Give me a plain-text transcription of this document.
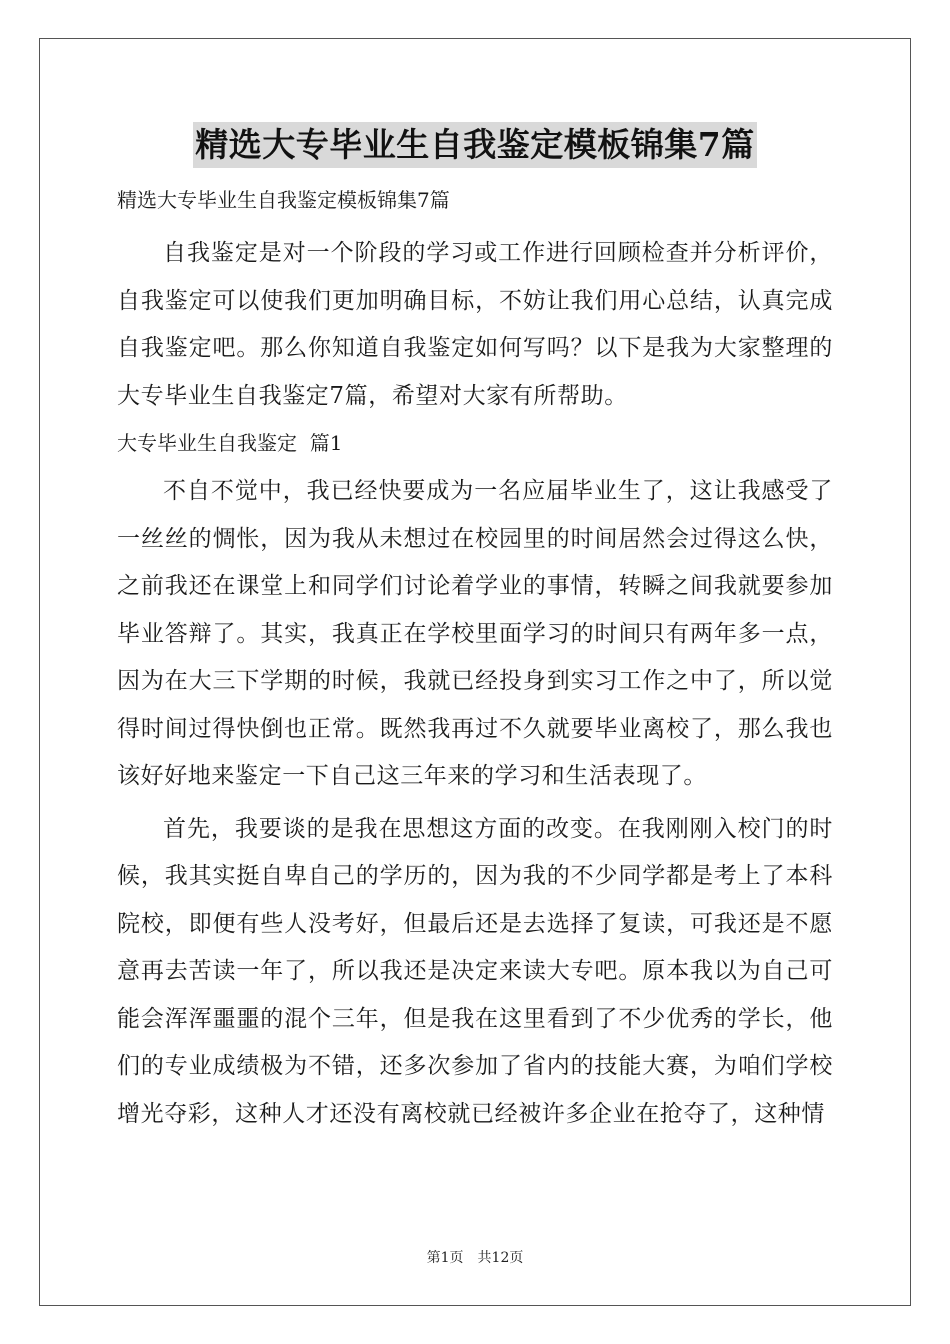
精选大专毕业生自我鉴定模板锦集7篇

精选大专毕业生自我鉴定模板锦集7篇

自我鉴定是对一个阶段的学习或工作进行回顾检查并分析评价，自我鉴定可以使我们更加明确目标，不妨让我们用心总结，认真完成自我鉴定吧。那么你知道自我鉴定如何写吗？以下是我为大家整理的大专毕业生自我鉴定7篇，希望对大家有所帮助。

大专毕业生自我鉴定  篇1

不自不觉中，我已经快要成为一名应届毕业生了，这让我感受了一丝丝的惆怅，因为我从未想过在校园里的时间居然会过得这么快，之前我还在课堂上和同学们讨论着学业的事情，转瞬之间我就要参加毕业答辩了。其实，我真正在学校里面学习的时间只有两年多一点，因为在大三下学期的时候，我就已经投身到实习工作之中了，所以觉得时间过得快倒也正常。既然我再过不久就要毕业离校了，那么我也该好好地来鉴定一下自己这三年来的学习和生活表现了。

首先，我要谈的是我在思想这方面的改变。在我刚刚入校门的时候，我其实挺自卑自己的学历的，因为我的不少同学都是考上了本科院校，即便有些人没考好，但最后还是去选择了复读，可我还是不愿意再去苦读一年了，所以我还是决定来读大专吧。原本我以为自己可能会浑浑噩噩的混个三年，但是我在这里看到了不少优秀的学长，他们的专业成绩极为不错，还多次参加了省内的技能大赛，为咱们学校增光夺彩，这种人才还没有离校就已经被许多企业在抢夺了，这种情

第1页　共12页
